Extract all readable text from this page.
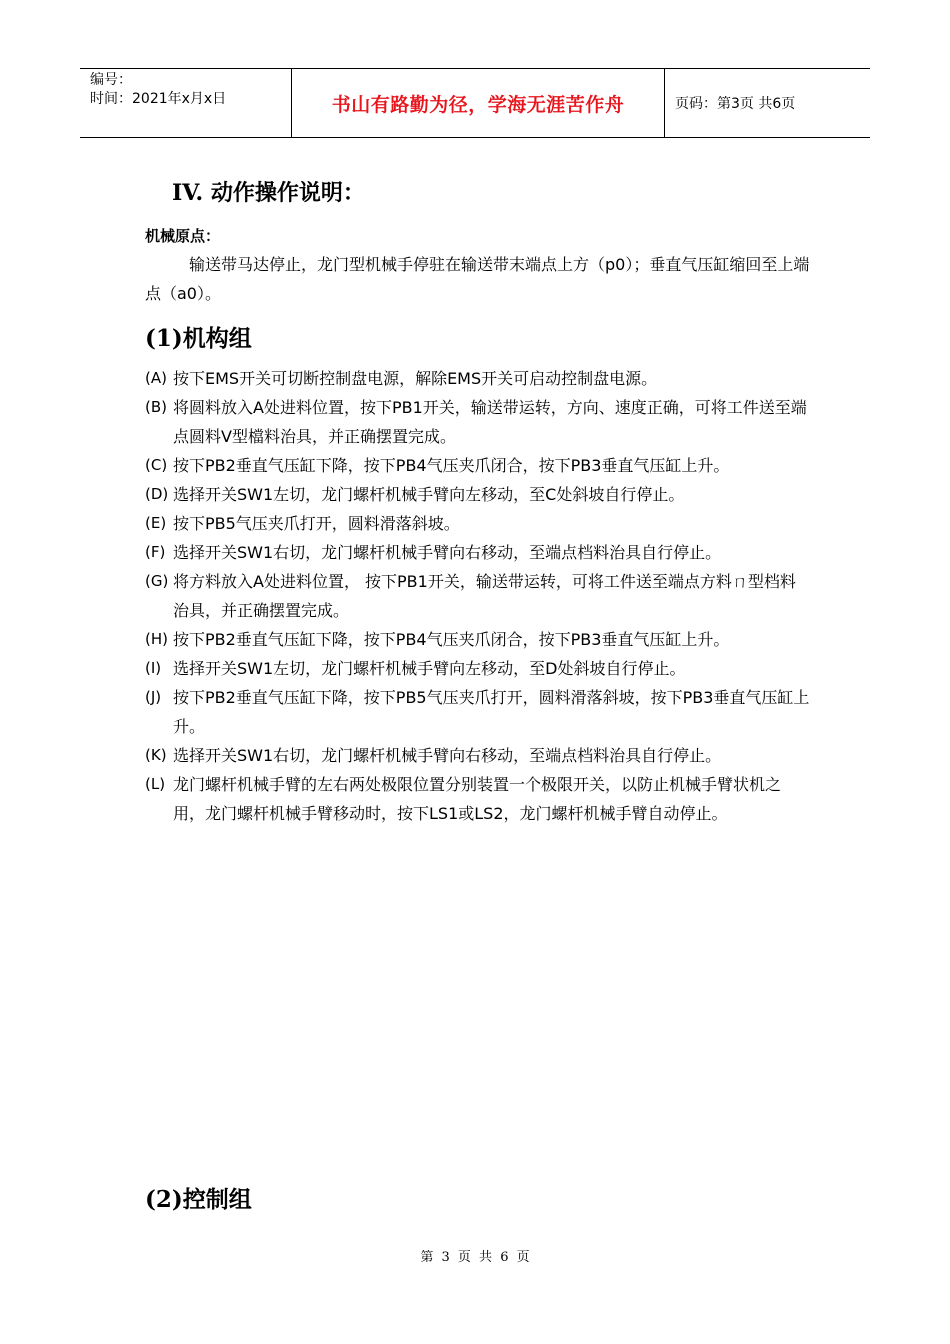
编号：
时间：2021年x月x日	书山有路勤为径，学海无涯苦作舟	页码：第3页 共6页
IV. 动作操作说明：
机械原点：
输送带马达停止，龙门型机械手停驻在输送带末端点上方（p0）；垂直气压缸缩回至上端点（a0）。
(1)机构组
(A) 按下EMS开关可切断控制盘电源，解除EMS开关可启动控制盘电源。
(B) 将圆料放入A处进料位置，按下PB1开关，输送带运转，方向、速度正确，可将工件送至端点圆料V型檔料治具，并正确摆置完成。
(C) 按下PB2垂直气压缸下降，按下PB4气压夹爪闭合，按下PB3垂直气压缸上升。
(D) 选择开关SW1左切，龙门螺杆机械手臂向左移动，至C处斜坡自行停止。
(E) 按下PB5气压夹爪打开，圆料滑落斜坡。
(F) 选择开关SW1右切，龙门螺杆机械手臂向右移动，至端点档料治具自行停止。
(G) 将方料放入A处进料位置， 按下PB1开关，输送带运转，可将工件送至端点方料ㄇ型档料治具，并正确摆置完成。
(H) 按下PB2垂直气压缸下降，按下PB4气压夹爪闭合，按下PB3垂直气压缸上升。
(I) 选择开关SW1左切，龙门螺杆机械手臂向左移动，至D处斜坡自行停止。
(J) 按下PB2垂直气压缸下降，按下PB5气压夹爪打开，圆料滑落斜坡，按下PB3垂直气压缸上升。
(K) 选择开关SW1右切，龙门螺杆机械手臂向右移动，至端点档料治具自行停止。
(L) 龙门螺杆机械手臂的左右两处极限位置分别装置一个极限开关，以防止机械手臂状机之用，龙门螺杆机械手臂移动时，按下LS1或LS2，龙门螺杆机械手臂自动停止。
(2)控制组
第 3 页 共 6 页
